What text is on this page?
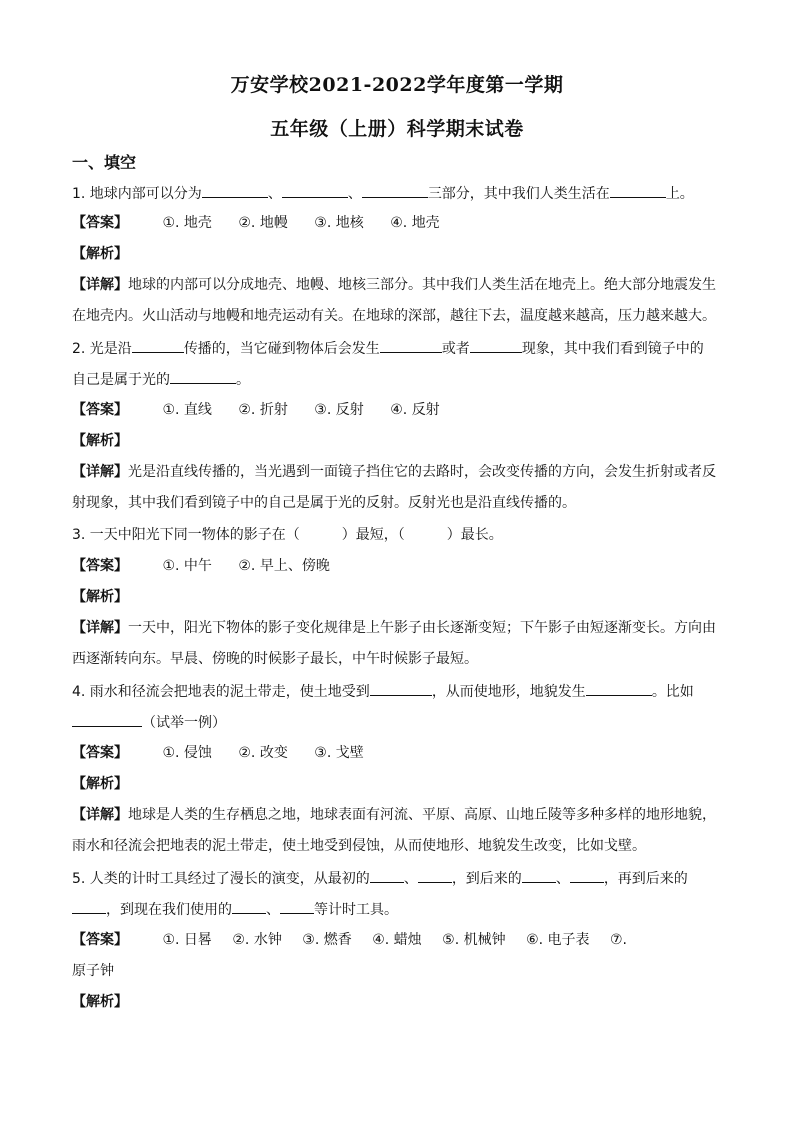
万安学校2021-2022学年度第一学期
五年级（上册）科学期末试卷
一、填空
1. 地球内部可以分为	、	、	三部分，其中我们人类生活在	上。
【答案】 ①. 地壳 ②. 地幔 ③. 地核 ④. 地壳
【解析】
【详解】地球的内部可以分成地壳、地幔、地核三部分。其中我们人类生活在地壳上。绝大部分地震发生
在地壳内。火山活动与地幔和地壳运动有关。在地球的深部，越往下去，温度越来越高，压力越来越大。
2. 光是沿	传播的，当它碰到物体后会发生	或者	现象，其中我们看到镜子中的
自己是属于光的	。
【答案】 ①. 直线 ②. 折射 ③. 反射 ④. 反射
【解析】
【详解】光是沿直线传播的，当光遇到一面镜子挡住它的去路时，会改变传播的方向，会发生折射或者反
射现象，其中我们看到镜子中的自己是属于光的反射。反射光也是沿直线传播的。
3. 一天中阳光下同一物体的影子在（　　　）最短，（　　　）最长。
【答案】 ①. 中午 ②. 早上、傍晚
【解析】
【详解】一天中，阳光下物体的影子变化规律是上午影子由长逐渐变短；下午影子由短逐渐变长。方向由
西逐渐转向东。早晨、傍晚的时候影子最长，中午时候影子最短。
4. 雨水和径流会把地表的泥土带走，使土地受到	，从而使地形，地貌发生	。比如
（试举一例）
【答案】 ①. 侵蚀 ②. 改变 ③. 戈壁
【解析】
【详解】地球是人类的生存栖息之地，地球表面有河流、平原、高原、山地丘陵等多种多样的地形地貌，
雨水和径流会把地表的泥土带走，使土地受到侵蚀，从而使地形、地貌发生改变，比如戈壁。
5. 人类的计时工具经过了漫长的演变，从最初的 、 ，到后来的 、 ，再到后来的
，到现在我们使用的 、 等计时工具。
【答案】 ①. 日晷 ②. 水钟 ③. 燃香 ④. 蜡烛 ⑤. 机械钟 ⑥. 电子表 ⑦.
原子钟
【解析】
